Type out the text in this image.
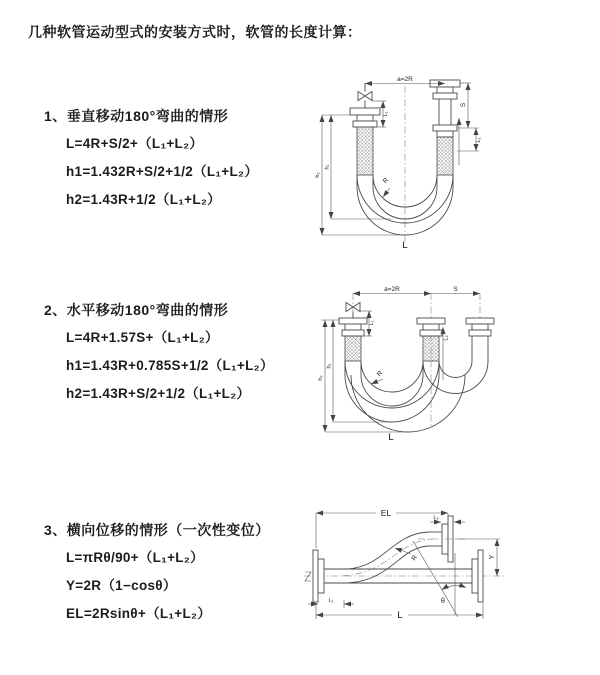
几种软管运动型式的安装方式时，软管的长度计算：
1、垂直移动180°弯曲的情形
L=4R+S/2+（L₁+L₂）
h1=1.432R+S/2+1/2（L₁+L₂）
h2=1.43R+1/2（L₁+L₂）
a=2R
L₁
h₁
h₂
S
L₂
R
L
2、水平移动180°弯曲的情形
L=4R+1.57S+（L₁+L₂）
h1=1.43R+0.785S+1/2（L₁+L₂）
h2=1.43R+S/2+1/2（L₁+L₂）
a=2R	S
L₁
L₂
h₁
h₂	R
L
3、横向位移的情形（一次性变位）
L=πRθ/90+（L₁+L₂）
Y=2R（1−cosθ）
EL=2Rsinθ+（L₁+L₂）
θ
R
EL	L₂
Y
L
L₁
